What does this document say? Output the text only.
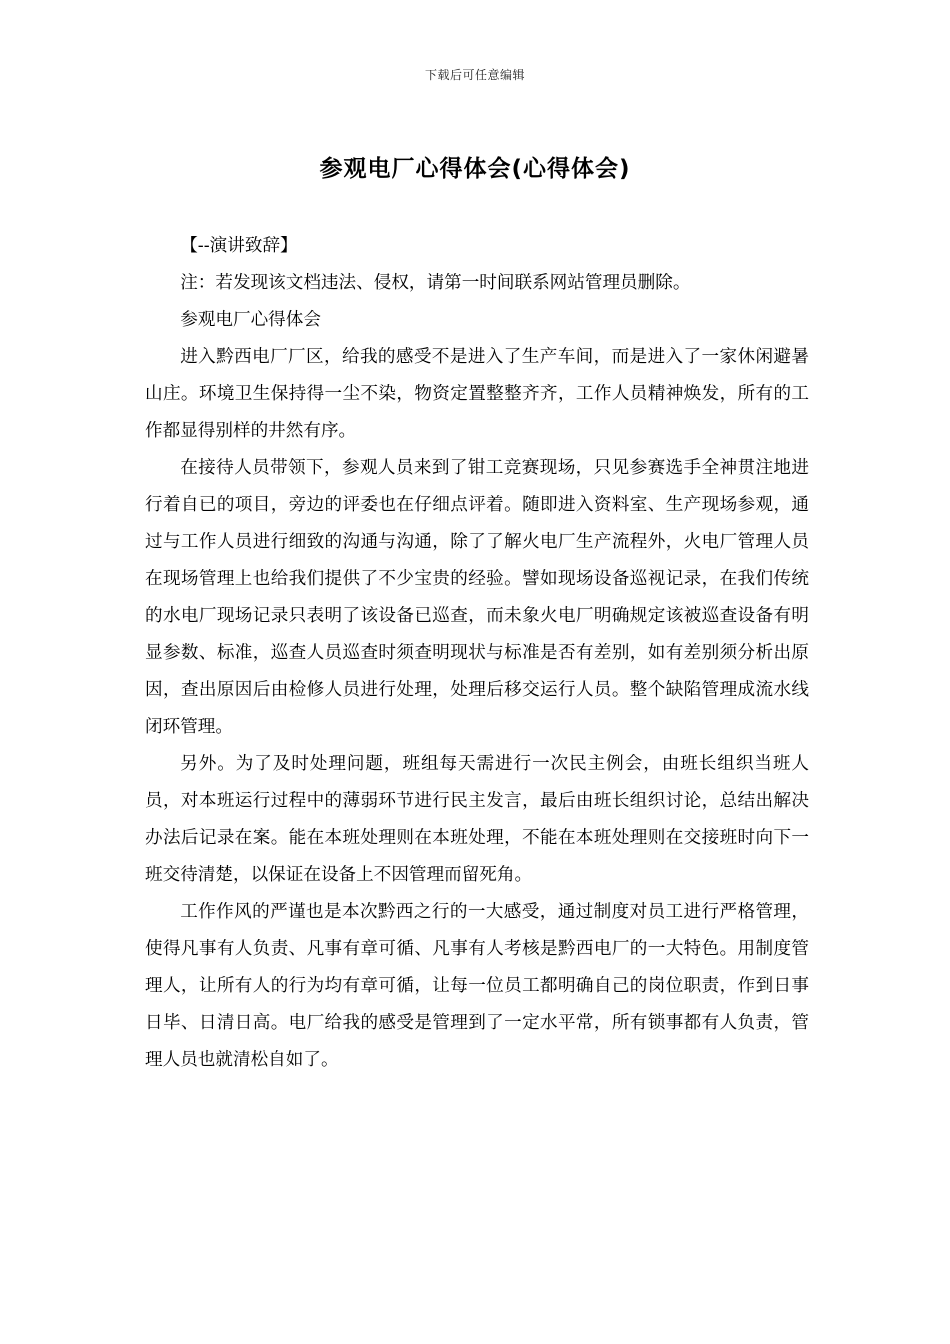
下载后可任意编辑
参观电厂心得体会(心得体会)

【--演讲致辞】

注：若发现该文档违法、侵权，请第一时间联系网站管理员删除。

参观电厂心得体会

进入黔西电厂厂区，给我的感受不是进入了生产车间，而是进入了一家休闲避暑山庄。环境卫生保持得一尘不染，物资定置整整齐齐，工作人员精神焕发，所有的工作都显得别样的井然有序。

在接待人员带领下，参观人员来到了钳工竞赛现场，只见参赛选手全神贯注地进行着自已的项目，旁边的评委也在仔细点评着。随即进入资料室、生产现场参观，通过与工作人员进行细致的沟通与沟通，除了了解火电厂生产流程外，火电厂管理人员在现场管理上也给我们提供了不少宝贵的经验。譬如现场设备巡视记录，在我们传统的水电厂现场记录只表明了该设备已巡查，而未象火电厂明确规定该被巡查设备有明显参数、标准，巡查人员巡查时须查明现状与标准是否有差别，如有差别须分析出原因，查出原因后由检修人员进行处理，处理后移交运行人员。整个缺陷管理成流水线闭环管理。

另外。为了及时处理问题，班组每天需进行一次民主例会，由班长组织当班人员，对本班运行过程中的薄弱环节进行民主发言，最后由班长组织讨论，总结出解决办法后记录在案。能在本班处理则在本班处理，不能在本班处理则在交接班时向下一班交待清楚，以保证在设备上不因管理而留死角。

工作作风的严谨也是本次黔西之行的一大感受，通过制度对员工进行严格管理，使得凡事有人负责、凡事有章可循、凡事有人考核是黔西电厂的一大特色。用制度管理人，让所有人的行为均有章可循，让每一位员工都明确自己的岗位职责，作到日事日毕、日清日高。电厂给我的感受是管理到了一定水平常，所有锁事都有人负责，管理人员也就清松自如了。
